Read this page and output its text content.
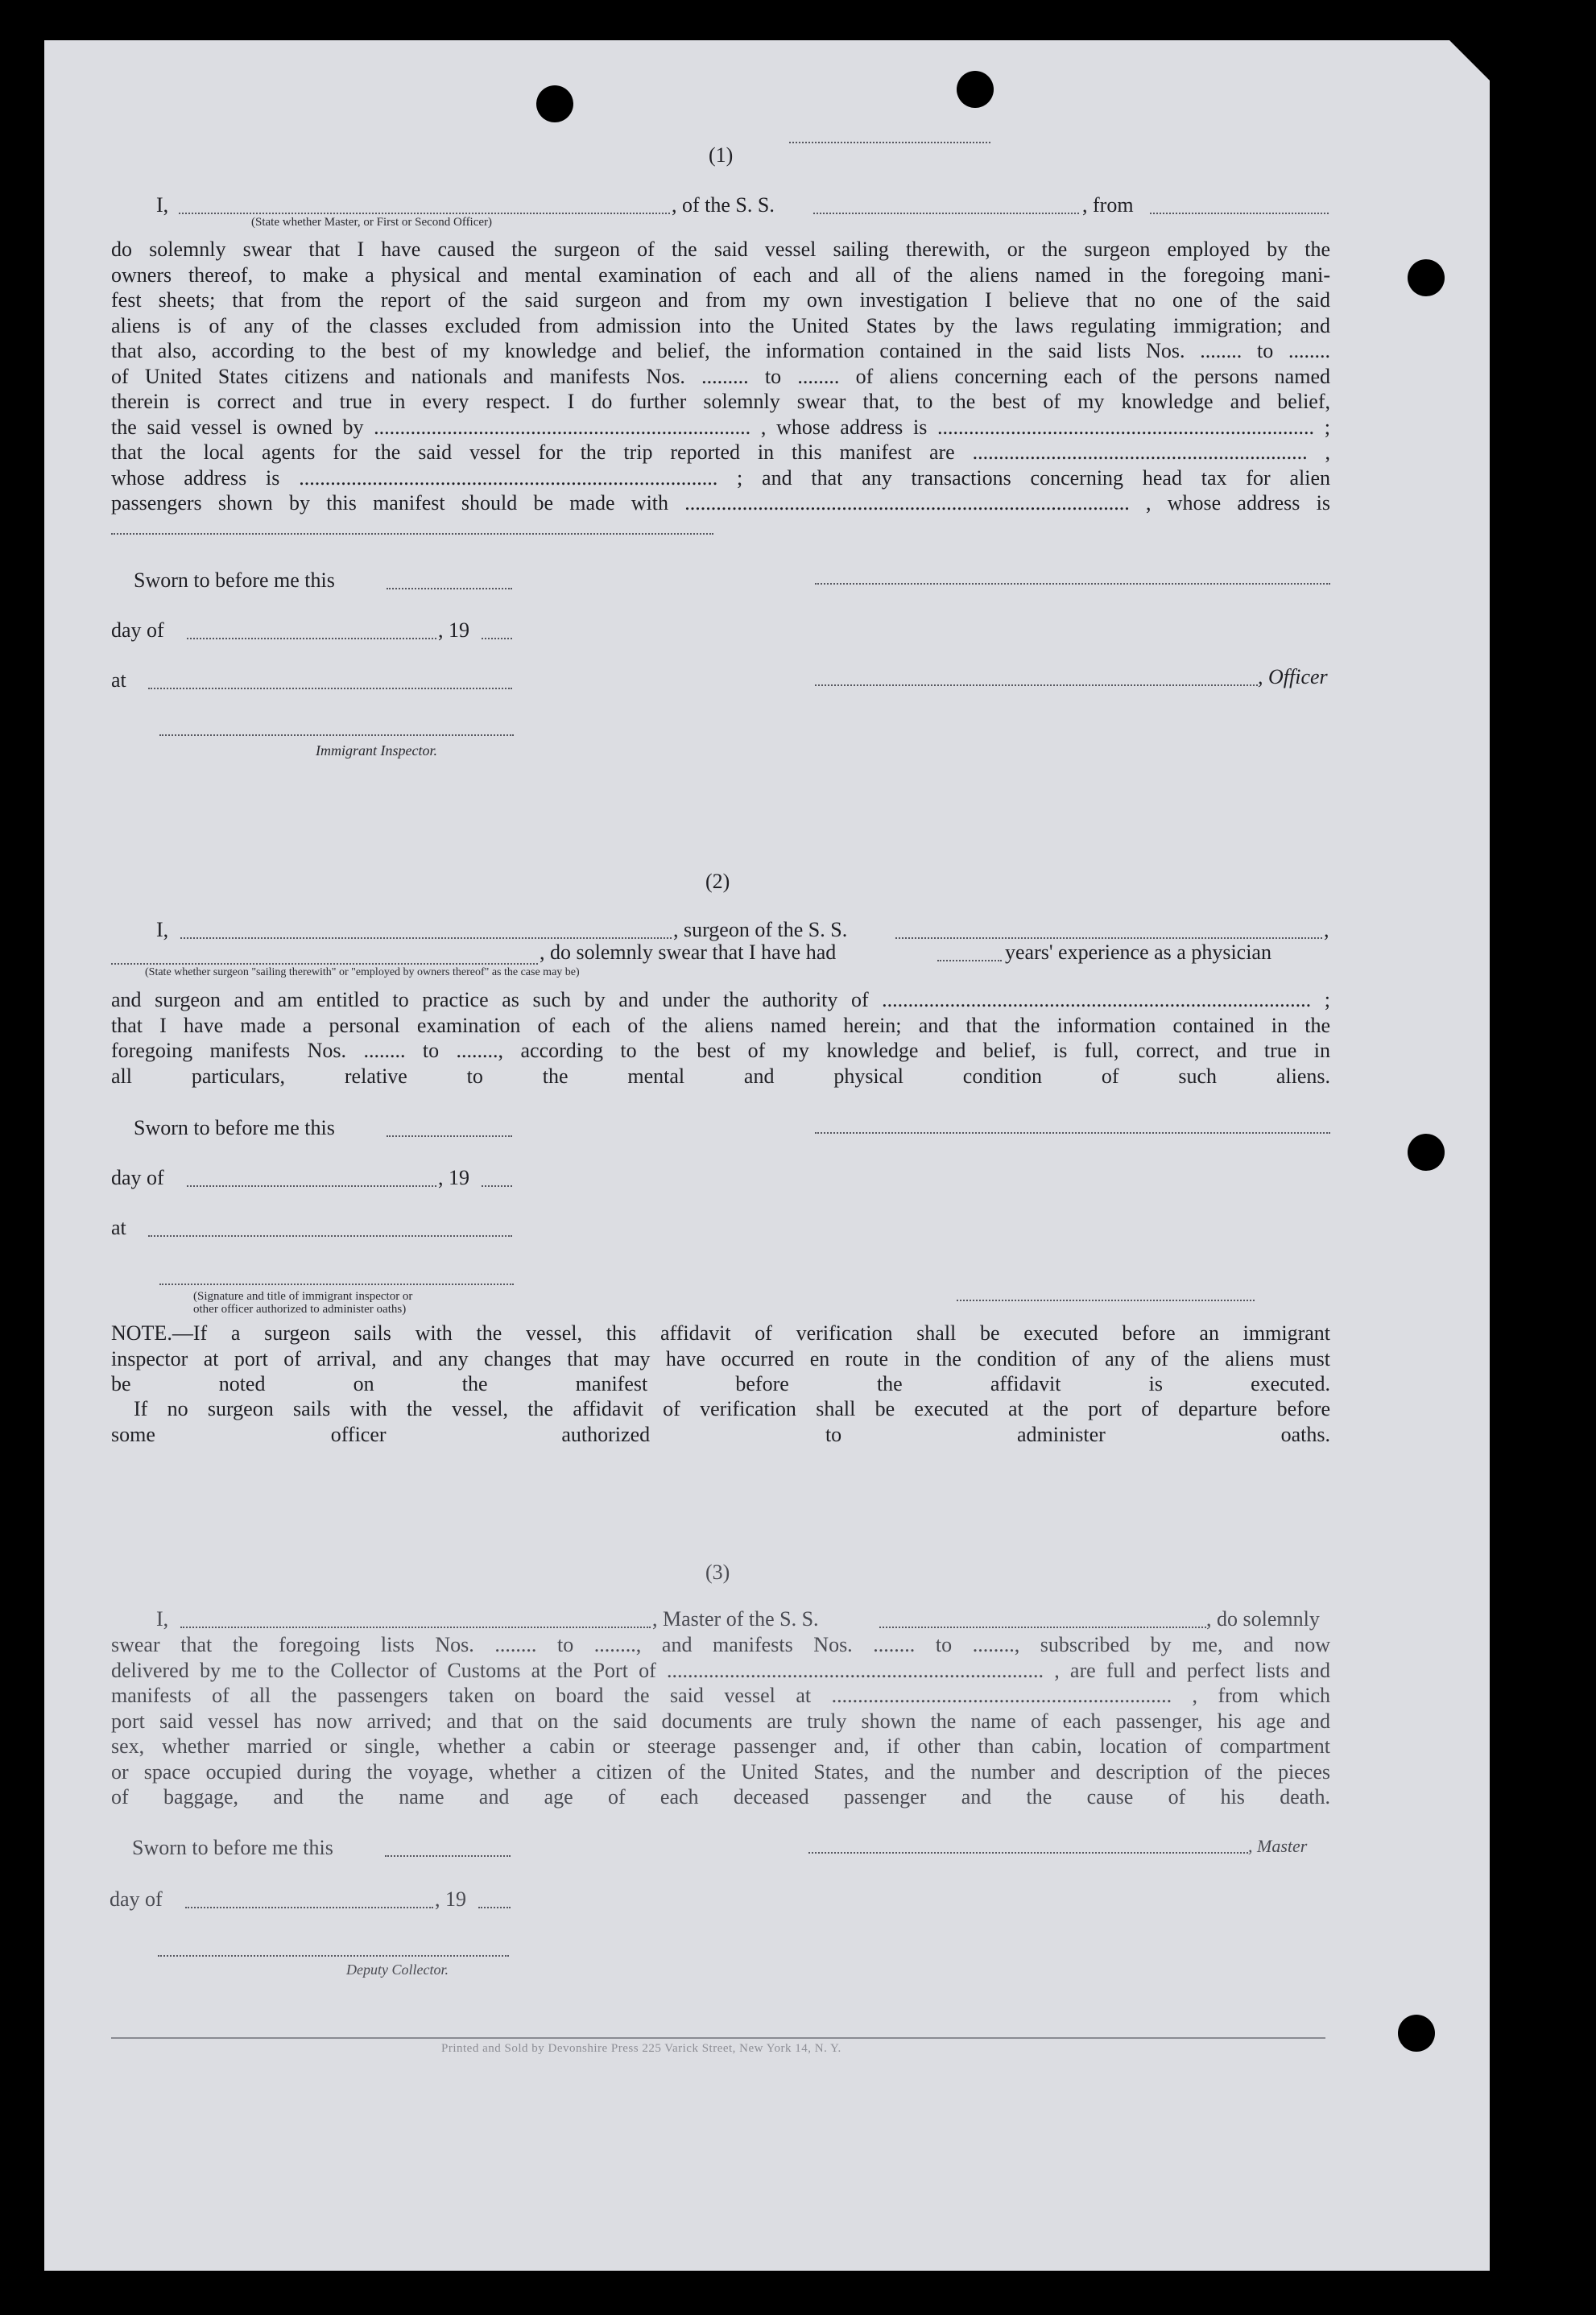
(1)
I,	, of the S. S.	, from
(State whether Master, or First or Second Officer)

do solemnly swear that I have caused the surgeon of the said vessel sailing therewith, or the surgeon employed by the

owners thereof, to make a physical and mental examination of each and all of the aliens named in the foregoing mani-

fest sheets; that from the report of the said surgeon and from my own investigation I believe that no one of the said

aliens is of any of the classes excluded from admission into the United States by the laws regulating immigration; and

that also, according to the best of my knowledge and belief, the information contained in the said lists Nos. ........ to ........

of United States citizens and nationals and manifests Nos. ......... to ........ of aliens concerning each of the persons named

therein is correct and true in every respect. I do further solemnly swear that, to the best of my knowledge and belief,

the said vessel is owned by ........................................................................ , whose address is ........................................................................ ;

that the local agents for the said vessel for the trip reported in this manifest are ................................................................ ,

whose address is ................................................................................ ; and that any transactions concerning head tax for alien

passengers shown by this manifest should be made with ..................................................................................... , whose address is

Sworn to before me this
day of	, 19
at	, Officer
Immigrant Inspector.
(2)
I,	, surgeon of the S. S.	,
, do solemnly swear that I have had	years' experience as a physician
(State whether surgeon "sailing therewith" or "employed by owners thereof" as the case may be)

and surgeon and am entitled to practice as such by and under the authority of .................................................................................. ;

that I have made a personal examination of each of the aliens named herein; and that the information contained in the

foregoing manifests Nos. ........ to ........, according to the best of my knowledge and belief, is full, correct, and true in

all particulars, relative to the mental and physical condition of such aliens.
Sworn to before me this
day of	, 19
at
(Signature and title of immigrant inspector or
other officer authorized to administer oaths)

NOTE.—If a surgeon sails with the vessel, this affidavit of verification shall be executed before an immigrant

inspector at port of arrival, and any changes that may have occurred en route in the condition of any of the aliens must

be noted on the manifest before the affidavit is executed.

If no surgeon sails with the vessel, the affidavit of verification shall be executed at the port of departure before

some officer authorized to administer oaths.
(3)
I,	, Master of the S. S.	, do solemnly

swear that the foregoing lists Nos. ........ to ........, and manifests Nos. ........ to ........, subscribed by me, and now

delivered by me to the Collector of Customs at the Port of ........................................................................ , are full and perfect lists and

manifests of all the passengers taken on board the said vessel at ................................................................. , from which

port said vessel has now arrived; and that on the said documents are truly shown the name of each passenger, his age and

sex, whether married or single, whether a cabin or steerage passenger and, if other than cabin, location of compartment

or space occupied during the voyage, whether a citizen of the United States, and the number and description of the pieces

of baggage, and the name and age of each deceased passenger and the cause of his death.
Sworn to before me this	, Master
day of	, 19
Deputy Collector.
Printed and Sold by Devonshire Press 225 Varick Street, New York 14, N. Y.
